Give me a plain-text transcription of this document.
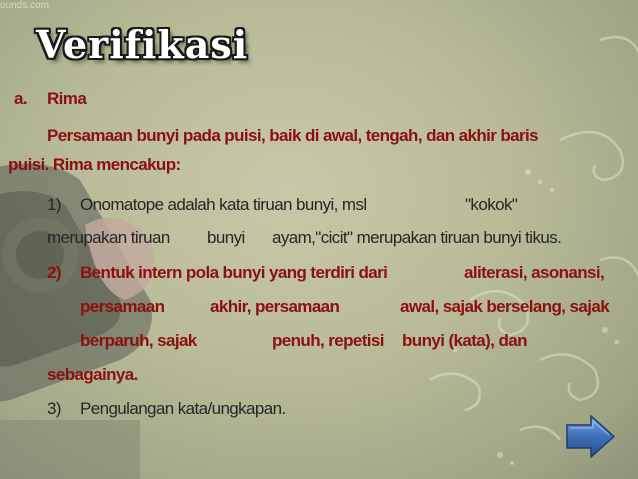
ounds.com
Verifikasi
a. Rima
Persamaan bunyi pada puisi, baik di awal, tengah, dan akhir baris
puisi. Rima mencakup:
1) Onomatope adalah kata tiruan bunyi, msl	"kokok"
merupakan tiruan bunyi ayam,"cicit" merupakan tiruan bunyi tikus.
2) Bentuk intern pola bunyi yang terdiri dari	aliterasi, asonansi,
persamaan	akhir, persamaan	awal, sajak berselang, sajak
berparuh, sajak	penuh, repetisi bunyi (kata), dan
sebagainya.
3) Pengulangan kata/ungkapan.
